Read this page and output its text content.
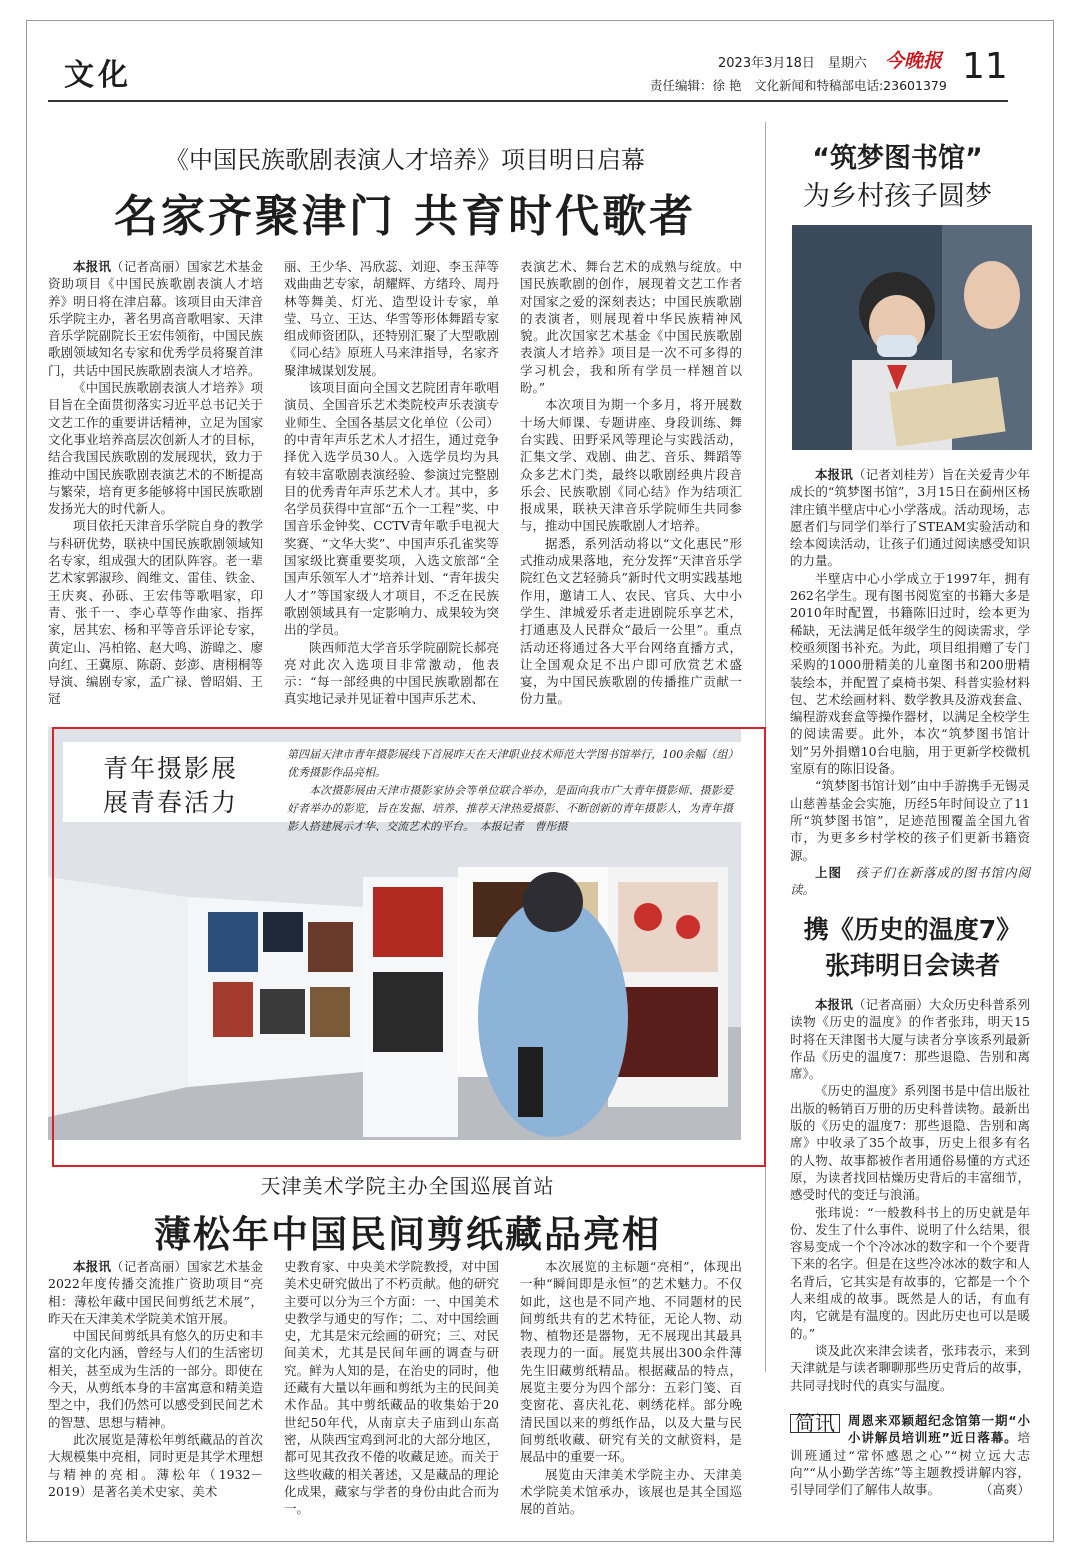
文化	2023年3月18日　星期六 今晚报 11
责任编辑：徐 艳　文化新闻和特稿部电话:23601379
《中国民族歌剧表演人才培养》项目明日启幕
名家齐聚津门 共育时代歌者

本报讯（记者高丽）国家艺术基金资助项目《中国民族歌剧表演人才培养》明日将在津启幕。该项目由天津音乐学院主办，著名男高音歌唱家、天津音乐学院副院长王宏伟领衔，中国民族歌剧领域知名专家和优秀学员将聚首津门，共话中国民族歌剧表演人才培养。

《中国民族歌剧表演人才培养》项目旨在全面贯彻落实习近平总书记关于文艺工作的重要讲话精神，立足为国家文化事业培养高层次创新人才的目标，结合我国民族歌剧的发展现状，致力于推动中国民族歌剧表演艺术的不断提高与繁荣，培育更多能够将中国民族歌剧发扬光大的时代新人。

项目依托天津音乐学院自身的教学与科研优势，联袂中国民族歌剧领域知名专家，组成强大的团队阵容。老一辈艺术家郭淑珍、阎维文、雷佳、铁金、王庆爽、孙砾、王宏伟等歌唱家，印青、张千一、李心草等作曲家、指挥家，居其宏、杨和平等音乐评论专家，黄定山、冯柏铭、赵大鸣、游暐之、廖向红、王冀原、陈蔚、彭澎、唐栩桐等导演、编剧专家，孟广禄、曾昭娟、王冠

丽、王少华、冯欣蕊、刘迎、李玉萍等戏曲曲艺专家，胡耀辉、方绪玲、周丹林等舞美、灯光、造型设计专家，单莹、马立、王达、华雪等形体舞蹈专家组成师资团队，还特别汇聚了大型歌剧《同心结》原班人马来津指导，名家齐聚津城谋划发展。

该项目面向全国文艺院团青年歌唱演员、全国音乐艺术类院校声乐表演专业师生、全国各基层文化单位（公司）的中青年声乐艺术人才招生，通过竞争择优入选学员30人。入选学员均为具有较丰富歌剧表演经验、参演过完整剧目的优秀青年声乐艺术人才。其中，多名学员获得中宣部“五个一工程”奖、中国音乐金钟奖、CCTV青年歌手电视大奖赛、“文华大奖”、中国声乐孔雀奖等国家级比赛重要奖项，入选文旅部“全国声乐领军人才”培养计划、“青年拔尖人才”等国家级人才项目，不乏在民族歌剧领域具有一定影响力、成果较为突出的学员。

陕西师范大学音乐学院副院长郝亮亮对此次入选项目非常激动，他表示：“每一部经典的中国民族歌剧都在真实地记录并见证着中国声乐艺术、

表演艺术、舞台艺术的成熟与绽放。中国民族歌剧的创作，展现着文艺工作者对国家之爱的深刻表达；中国民族歌剧的表演者，则展现着中华民族精神风貌。此次国家艺术基金《中国民族歌剧表演人才培养》项目是一次不可多得的学习机会，我和所有学员一样翘首以盼。”

本次项目为期一个多月，将开展数十场大师课、专题讲座、身段训练、舞台实践、田野采风等理论与实践活动，汇集文学、戏剧、曲艺、音乐、舞蹈等众多艺术门类，最终以歌剧经典片段音乐会、民族歌剧《同心结》作为结项汇报成果，联袂天津音乐学院师生共同参与，推动中国民族歌剧人才培养。

据悉，系列活动将以“文化惠民”形式推动成果落地，充分发挥“天津音乐学院红色文艺轻骑兵”新时代文明实践基地作用，邀请工人、农民、官兵、大中小学生、津城爱乐者走进剧院乐享艺术，打通惠及人民群众“最后一公里”。重点活动还将通过各大平台网络直播方式，让全国观众足不出户即可欣赏艺术盛宴，为中国民族歌剧的传播推广贡献一份力量。

青年摄影展
展青春活力
第四届天津市青年摄影展线下首展昨天在天津职业技术师范大学图书馆举行，100余幅（组）优秀摄影作品亮相。
本次摄影展由天津市摄影家协会等单位联合举办，是面向我市广大青年摄影师、摄影爱好者举办的影览，旨在发掘、培养、推荐天津热爱摄影、不断创新的青年摄影人，为青年摄影人搭建展示才华、交流艺术的平台。　本报记者　曹彤摄
天津美术学院主办全国巡展首站
薄松年中国民间剪纸藏品亮相

本报讯（记者高丽）国家艺术基金2022年度传播交流推广资助项目“亮相：薄松年藏中国民间剪纸艺术展”，昨天在天津美术学院美术馆开展。

中国民间剪纸具有悠久的历史和丰富的文化内涵，曾经与人们的生活密切相关，甚至成为生活的一部分。即使在今天，从剪纸本身的丰富寓意和精美造型之中，我们仍然可以感受到民间艺术的智慧、思想与精神。

此次展览是薄松年剪纸藏品的首次大规模集中亮相，同时更是其学术理想与精神的亮相。薄松年（1932－2019）是著名美术史家、美术

史教育家、中央美术学院教授，对中国美术史研究做出了不朽贡献。他的研究主要可以分为三个方面：一、中国美术史教学与通史的写作；二、对中国绘画史，尤其是宋元绘画的研究；三、对民间美术，尤其是民间年画的调查与研究。鲜为人知的是，在治史的同时，他还藏有大量以年画和剪纸为主的民间美术作品。其中剪纸藏品的收集始于20世纪50年代，从南京夫子庙到山东高密，从陕西宝鸡到河北的大部分地区，都可见其孜孜不倦的收藏足迹。而关于这些收藏的相关著述，又是藏品的理论化成果，藏家与学者的身份由此合而为一。

本次展览的主标题“亮相”，体现出一种“瞬间即是永恒”的艺术魅力。不仅如此，这也是不同产地、不同题材的民间剪纸共有的艺术特征，无论人物、动物、植物还是器物，无不展现出其最具表现力的一面。展览共展出300余件薄先生旧藏剪纸精品。根据藏品的特点，展览主要分为四个部分：五彩门笺、百变窗花、喜庆礼花、刺绣花样。部分晚清民国以来的剪纸作品，以及大量与民间剪纸收藏、研究有关的文献资料，是展品中的重要一环。

展览由天津美术学院主办、天津美术学院美术馆承办，该展也是其全国巡展的首站。

“筑梦图书馆”
为乡村孩子圆梦

本报讯（记者刘桂芳）旨在关爱青少年成长的“筑梦图书馆”，3月15日在蓟州区杨津庄镇半壁店中心小学落成。活动现场，志愿者们与同学们举行了STEAM实验活动和绘本阅读活动，让孩子们通过阅读感受知识的力量。

半壁店中心小学成立于1997年，拥有262名学生。现有图书阅览室的书籍大多是2010年时配置，书籍陈旧过时，绘本更为稀缺，无法满足低年级学生的阅读需求，学校亟须图书补充。为此，项目组捐赠了专门采购的1000册精美的儿童图书和200册精装绘本，并配置了桌椅书架、科普实验材料包、艺术绘画材料、数学教具及游戏套盒、编程游戏套盒等操作器材，以满足全校学生的阅读需要。此外，本次“筑梦图书馆计划”另外捐赠10台电脑，用于更新学校微机室原有的陈旧设备。

“筑梦图书馆计划”由中手游携手无锡灵山慈善基金会实施，历经5年时间设立了11所“筑梦图书馆”，足迹范围覆盖全国九省市，为更多乡村学校的孩子们更新书籍资源。

上图　 孩子们在新落成的图书馆内阅读。

携《历史的温度7》
张玮明日会读者

本报讯（记者高丽）大众历史科普系列读物《历史的温度》的作者张玮，明天15时将在天津图书大厦与读者分享该系列最新作品《历史的温度7：那些退隐、告别和离席》。

《历史的温度》系列图书是中信出版社出版的畅销百万册的历史科普读物。最新出版的《历史的温度7：那些退隐、告别和离席》中收录了35个故事，历史上很多有名的人物、故事都被作者用通俗易懂的方式还原，为读者找回枯燥历史背后的丰富细节，感受时代的变迁与浪涌。

张玮说：“一般教科书上的历史就是年份、发生了什么事件、说明了什么结果，很容易变成一个个冷冰冰的数字和一个个要背下来的名字。但是在这些冷冰冰的数字和人名背后，它其实是有故事的，它都是一个个人来组成的故事。既然是人的话，有血有肉，它就是有温度的。因此历史也可以是暖的。”

谈及此次来津会读者，张玮表示，来到天津就是与读者聊聊那些历史背后的故事，共同寻找时代的真实与温度。

简讯	周恩来邓颖超纪念馆第一期“小小讲解员培训班”近日落幕。培训班通过“常怀感恩之心”“树立远大志向”“从小勤学苦练”等主题教授讲解内容，引导同学们了解伟人故事。	（高爽）
